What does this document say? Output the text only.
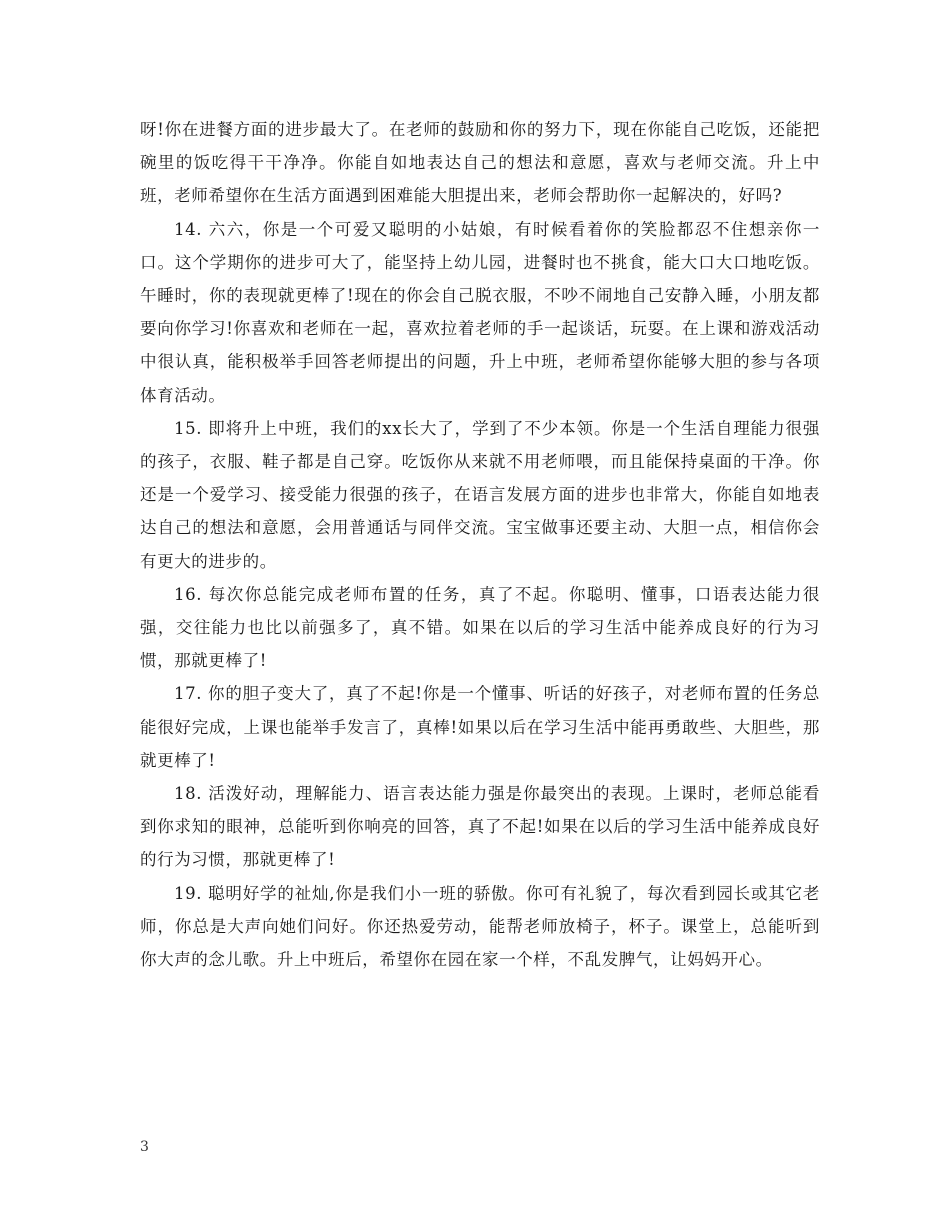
呀!你在进餐方面的进步最大了。在老师的鼓励和你的努力下，现在你能自己吃饭，还能把碗里的饭吃得干干净净。你能自如地表达自己的想法和意愿，喜欢与老师交流。升上中班，老师希望你在生活方面遇到困难能大胆提出来，老师会帮助你一起解决的，好吗?

14. 六六，你是一个可爱又聪明的小姑娘，有时候看着你的笑脸都忍不住想亲你一口。这个学期你的进步可大了，能坚持上幼儿园，进餐时也不挑食，能大口大口地吃饭。午睡时，你的表现就更棒了!现在的你会自己脱衣服，不吵不闹地自己安静入睡，小朋友都要向你学习!你喜欢和老师在一起，喜欢拉着老师的手一起谈话，玩耍。在上课和游戏活动中很认真，能积极举手回答老师提出的问题，升上中班，老师希望你能够大胆的参与各项体育活动。

15. 即将升上中班，我们的xx长大了，学到了不少本领。你是一个生活自理能力很强的孩子，衣服、鞋子都是自己穿。吃饭你从来就不用老师喂，而且能保持桌面的干净。你还是一个爱学习、接受能力很强的孩子，在语言发展方面的进步也非常大，你能自如地表达自己的想法和意愿，会用普通话与同伴交流。宝宝做事还要主动、大胆一点，相信你会有更大的进步的。

16. 每次你总能完成老师布置的任务，真了不起。你聪明、懂事，口语表达能力很强，交往能力也比以前强多了，真不错。如果在以后的学习生活中能养成良好的行为习惯，那就更棒了!

17. 你的胆子变大了，真了不起!你是一个懂事、听话的好孩子，对老师布置的任务总能很好完成，上课也能举手发言了，真棒!如果以后在学习生活中能再勇敢些、大胆些，那就更棒了!

18. 活泼好动，理解能力、语言表达能力强是你最突出的表现。上课时，老师总能看到你求知的眼神，总能听到你响亮的回答，真了不起!如果在以后的学习生活中能养成良好的行为习惯，那就更棒了!

19. 聪明好学的祉灿,你是我们小一班的骄傲。你可有礼貌了，每次看到园长或其它老师，你总是大声向她们问好。你还热爱劳动，能帮老师放椅子，杯子。课堂上，总能听到你大声的念儿歌。升上中班后，希望你在园在家一个样，不乱发脾气，让妈妈开心。

3
